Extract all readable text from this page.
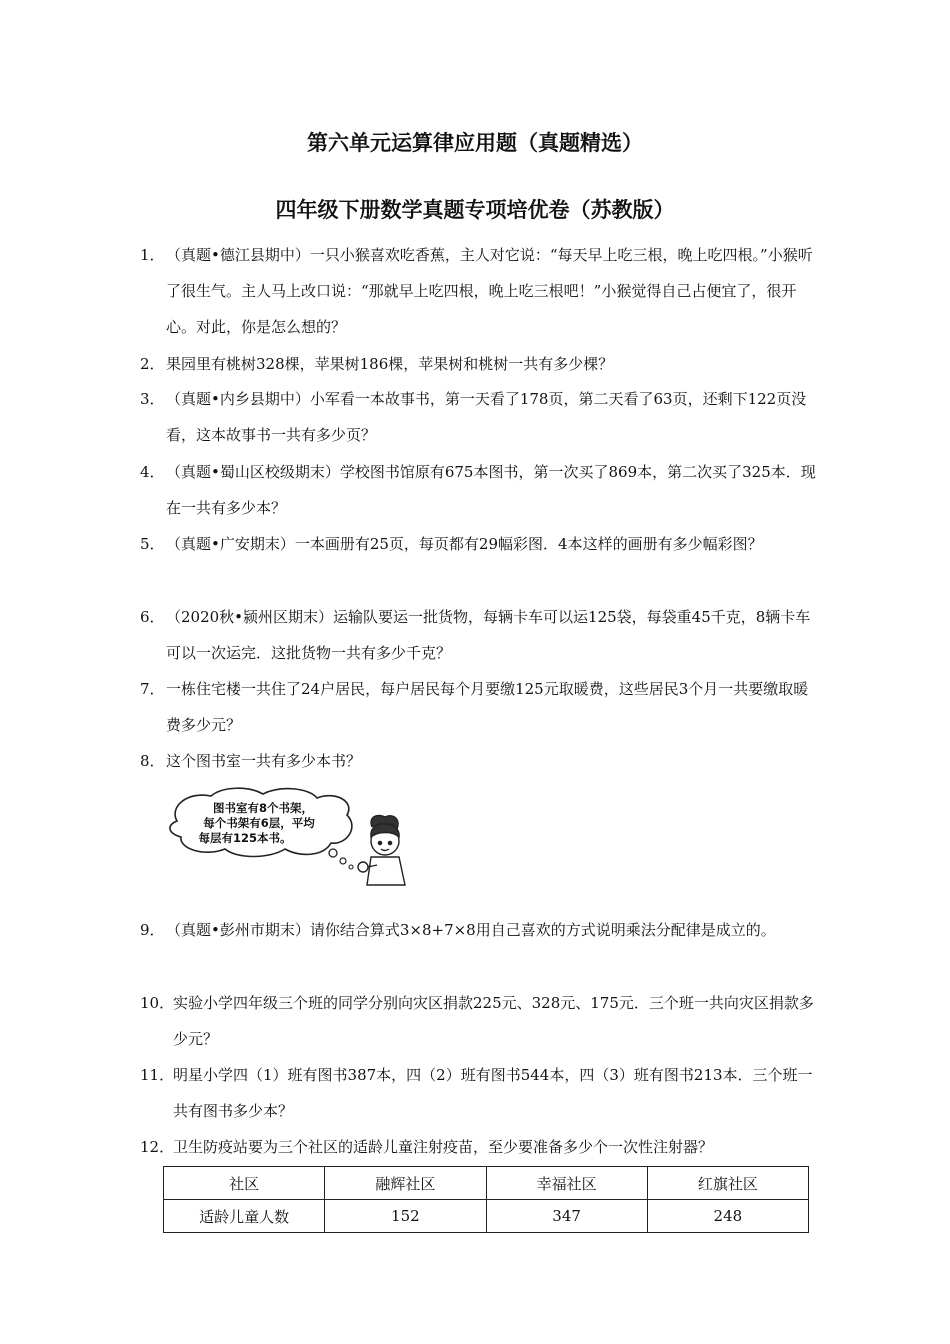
第六单元运算律应用题（真题精选）
四年级下册数学真题专项培优卷（苏教版）
1． （真题•德江县期中）一只小猴喜欢吃香蕉，主人对它说：“每天早上吃三根，晚上吃四根。”小猴听了很生气。主人马上改口说：“那就早上吃四根，晚上吃三根吧！”小猴觉得自己占便宜了，很开心。对此，你是怎么想的？
2． 果园里有桃树328棵，苹果树186棵，苹果树和桃树一共有多少棵？
3． （真题•内乡县期中）小军看一本故事书，第一天看了178页，第二天看了63页，还剩下122页没看，这本故事书一共有多少页？
4． （真题•蜀山区校级期末）学校图书馆原有675本图书，第一次买了869本，第二次买了325本．现在一共有多少本？
5． （真题•广安期末）一本画册有25页，每页都有29幅彩图．4本这样的画册有多少幅彩图？
6． （2020秋•颍州区期末）运输队要运一批货物，每辆卡车可以运125袋，每袋重45千克，8辆卡车可以一次运完．这批货物一共有多少千克？
7． 一栋住宅楼一共住了24户居民，每户居民每个月要缴125元取暖费，这些居民3个月一共要缴取暖费多少元？
8． 这个图书室一共有多少本书？
图书室有8个书架，
每个书架有6层，平均
每层有125本书。
9． （真题•彭州市期末）请你结合算式3×8+7×8用自己喜欢的方式说明乘法分配律是成立的。
10．
实验小学四年级三个班的同学分别向灾区捐款225元、328元、175元．三个班一共向灾区捐款多少元？
11．
明星小学四（1）班有图书387本，四（2）班有图书544本，四（3）班有图书213本．三个班一共有图书多少本？
12．
卫生防疫站要为三个社区的适龄儿童注射疫苗，至少要准备多少个一次性注射器？
社区	融辉社区	幸福社区	红旗社区
适龄儿童人数	152	347	248
